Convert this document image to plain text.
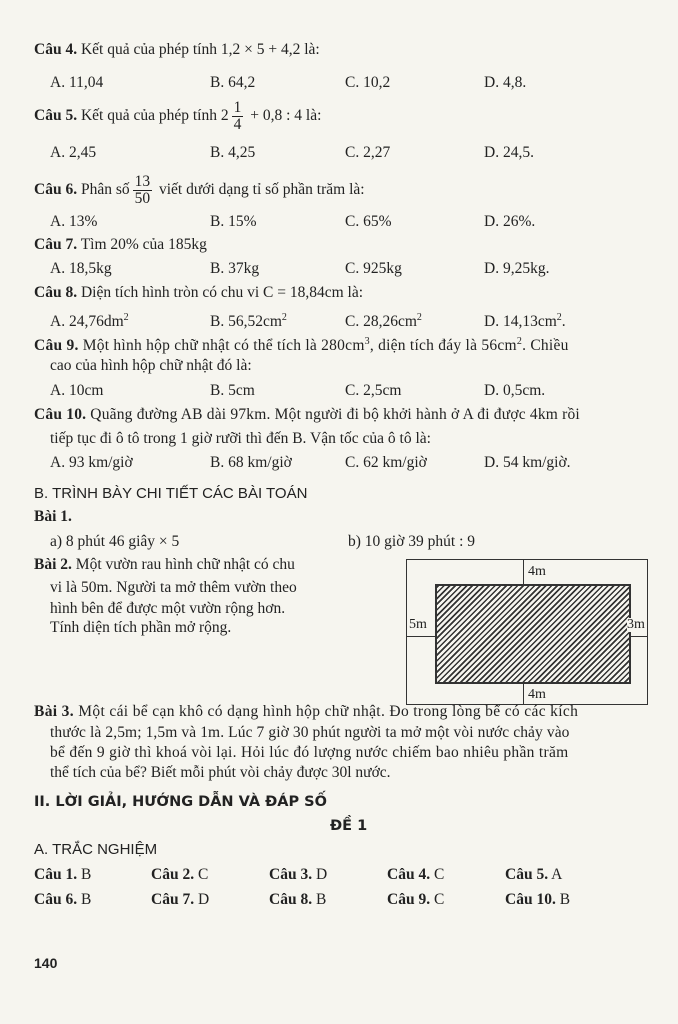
Câu 4. Kết quả của phép tính 1,2 × 5 + 4,2 là:
A. 11,04	B. 64,2	C. 10,2	D. 4,8.
Câu 5. Kết quả của phép tính $2 \frac{1}{4} + 0,8$ : 4 là:
A. 2,45	B. 4,25	C. 2,27	D. 24,5.
Câu 6. Phân số $\frac{13}{50}$ viết dưới dạng tỉ số phần trăm là:
A. 13%	B. 15%	C. 65%	D. 26%.
Câu 7. Tìm 20% của 185kg
A. 18,5kg	B. 37kg	C. 925kg	D. 9,25kg.
Câu 8. Diện tích hình tròn có chu vi C = 18,84cm là:
A. $24,76dm^2$	B. $56,52cm^2$	C. $28,26cm^2$	D. $14,13cm^2$.
Câu 9. Một hình hộp chữ nhật có thể tích là $280cm^3$, diện tích đáy là $56cm^2$. Chiều
cao của hình hộp chữ nhật đó là:
A. 10cm	B. 5cm	C. 2,5cm	D. 0,5cm.
Câu 10. Quãng đường AB dài 97km. Một người đi bộ khởi hành ở A đi được 4km rồi
tiếp tục đi ô tô trong 1 giờ rưỡi thì đến B. Vận tốc của ô tô là:
A. 93 km/giờ	B. 68 km/giờ	C. 62 km/giờ	D. 54 km/giờ.
B. TRÌNH BÀY CHI TIẾT CÁC BÀI TOÁN
Bài 1.
a) 8 phút 46 giây × 5	b) 10 giờ 39 phút : 9
Bài 2. Một vườn rau hình chữ nhật có chu
vi là 50m. Người ta mở thêm vườn theo
hình bên để được một vườn rộng hơn.
Tính diện tích phần mở rộng.
4m
5m	3m
4m
Bài 3. Một cái bể cạn khô có dạng hình hộp chữ nhật. Đo trong lòng bể có các kích
thước là 2,5m; 1,5m và 1m. Lúc 7 giờ 30 phút người ta mở một vòi nước chảy vào
bể đến 9 giờ thì khoá vòi lại. Hỏi lúc đó lượng nước chiếm bao nhiêu phần trăm
thể tích của bể? Biết mỗi phút vòi chảy được 30l nước.
II. LỜI GIẢI, HƯỚNG DẪN VÀ ĐÁP SỐ
ĐỀ 1
A. TRẮC NGHIỆM
Câu 1. B	Câu 2. C	Câu 3. D	Câu 4. C	Câu 5. A
Câu 6. B	Câu 7. D	Câu 8. B	Câu 9. C	Câu 10. B
140
